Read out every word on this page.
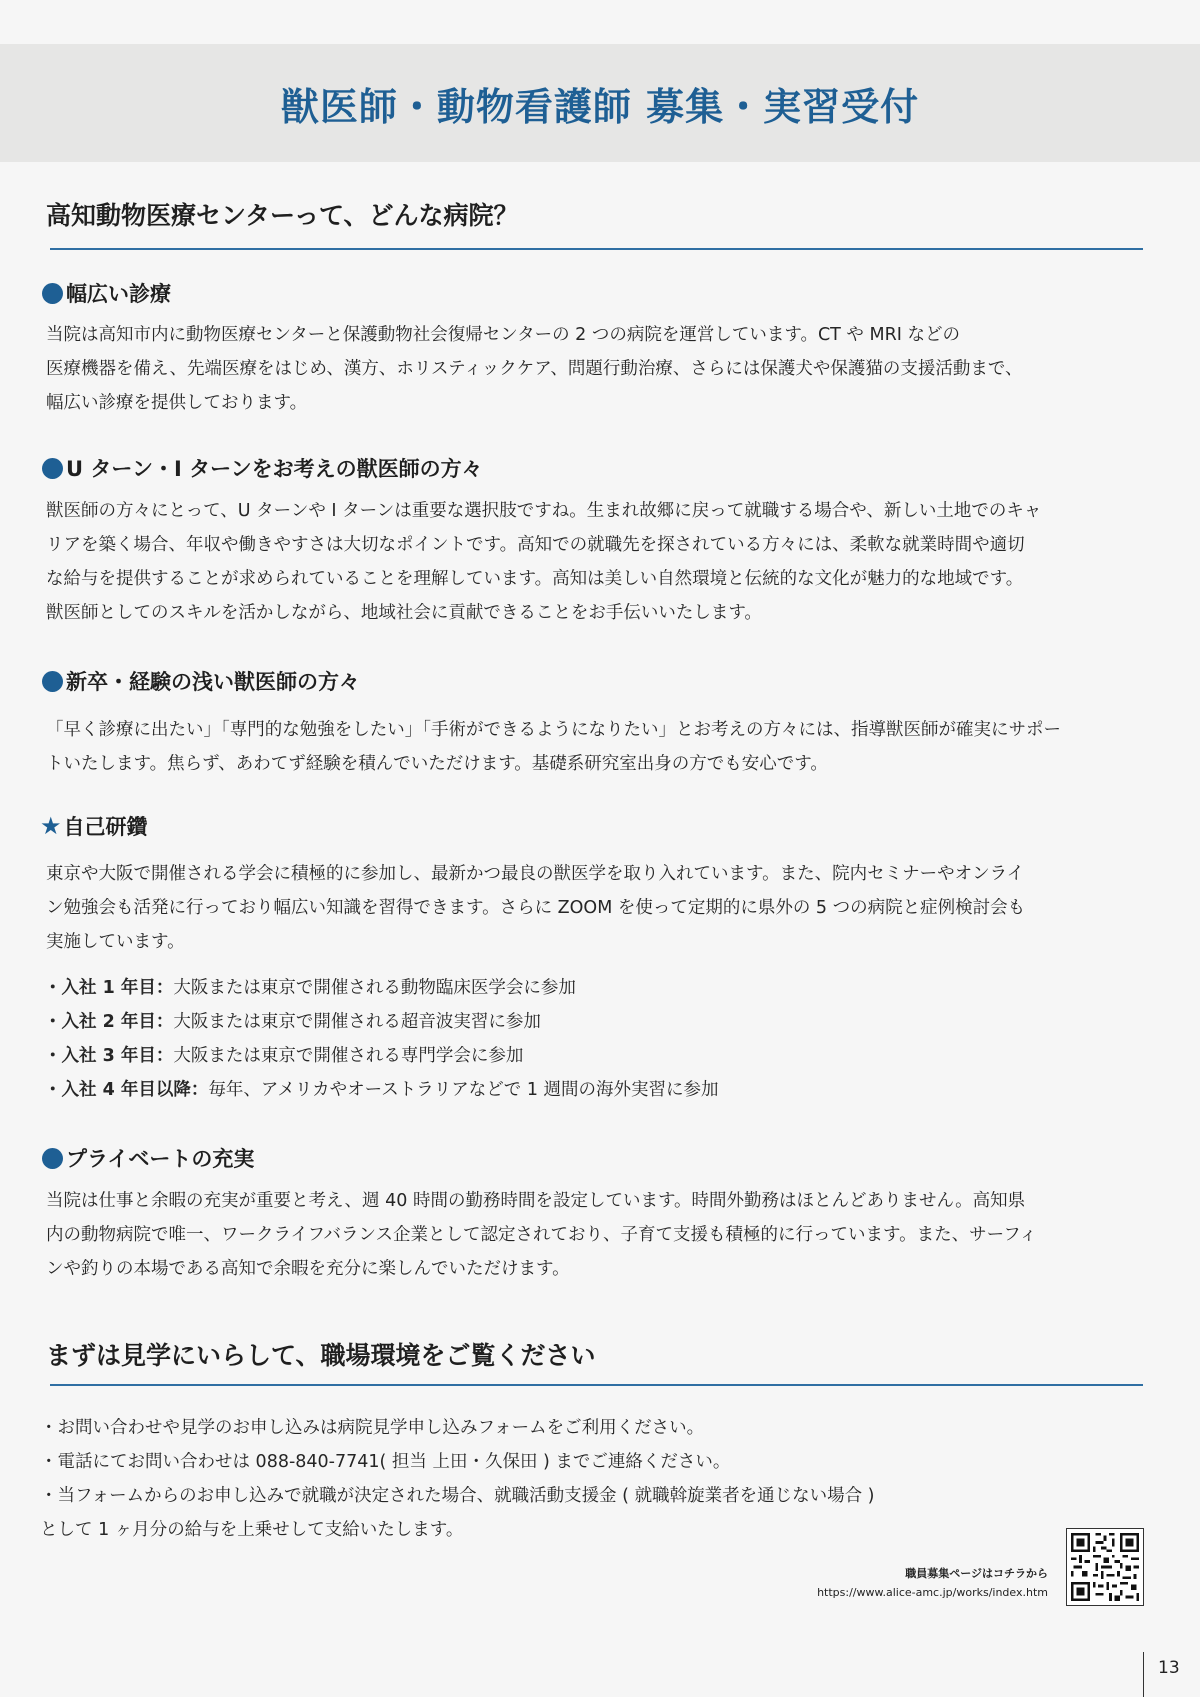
獣医師・動物看護師 募集・実習受付
高知動物医療センターって、どんな病院？
幅広い診療
当院は高知市内に動物医療センターと保護動物社会復帰センターの 2 つの病院を運営しています。CT や MRI などの
医療機器を備え、先端医療をはじめ、漢方、ホリスティックケア、問題行動治療、さらには保護犬や保護猫の支援活動まで、
幅広い診療を提供しております。
U ターン・I ターンをお考えの獣医師の方々
獣医師の方々にとって、U ターンや I ターンは重要な選択肢ですね。生まれ故郷に戻って就職する場合や、新しい土地でのキャ
リアを築く場合、年収や働きやすさは大切なポイントです。高知での就職先を探されている方々には、柔軟な就業時間や適切
な給与を提供することが求められていることを理解しています。高知は美しい自然環境と伝統的な文化が魅力的な地域です。
獣医師としてのスキルを活かしながら、地域社会に貢献できることをお手伝いいたします。
新卒・経験の浅い獣医師の方々
「早く診療に出たい」「専門的な勉強をしたい」「手術ができるようになりたい」とお考えの方々には、指導獣医師が確実にサポー
トいたします。焦らず、あわてず経験を積んでいただけます。基礎系研究室出身の方でも安心です。
★ 自己研鑽
東京や大阪で開催される学会に積極的に参加し、最新かつ最良の獣医学を取り入れています。また、院内セミナーやオンライ
ン勉強会も活発に行っており幅広い知識を習得できます。さらに ZOOM を使って定期的に県外の 5 つの病院と症例検討会も
実施しています。
・入社 1 年目：大阪または東京で開催される動物臨床医学会に参加
・入社 2 年目：大阪または東京で開催される超音波実習に参加
・入社 3 年目：大阪または東京で開催される専門学会に参加
・入社 4 年目以降：毎年、アメリカやオーストラリアなどで 1 週間の海外実習に参加
プライベートの充実
当院は仕事と余暇の充実が重要と考え、週 40 時間の勤務時間を設定しています。時間外勤務はほとんどありません。高知県
内の動物病院で唯一、ワークライフバランス企業として認定されており、子育て支援も積極的に行っています。また、サーフィ
ンや釣りの本場である高知で余暇を充分に楽しんでいただけます。
まずは見学にいらして、職場環境をご覧ください
・お問い合わせや見学のお申し込みは病院見学申し込みフォームをご利用ください。
・電話にてお問い合わせは 088-840-7741( 担当 上田・久保田 ) までご連絡ください。
・当フォームからのお申し込みで就職が決定された場合、就職活動支援金 ( 就職斡旋業者を通じない場合 )
として 1 ヶ月分の給与を上乗せして支給いたします。
職員募集ページはコチラから
https://www.alice-amc.jp/works/index.htm
13
